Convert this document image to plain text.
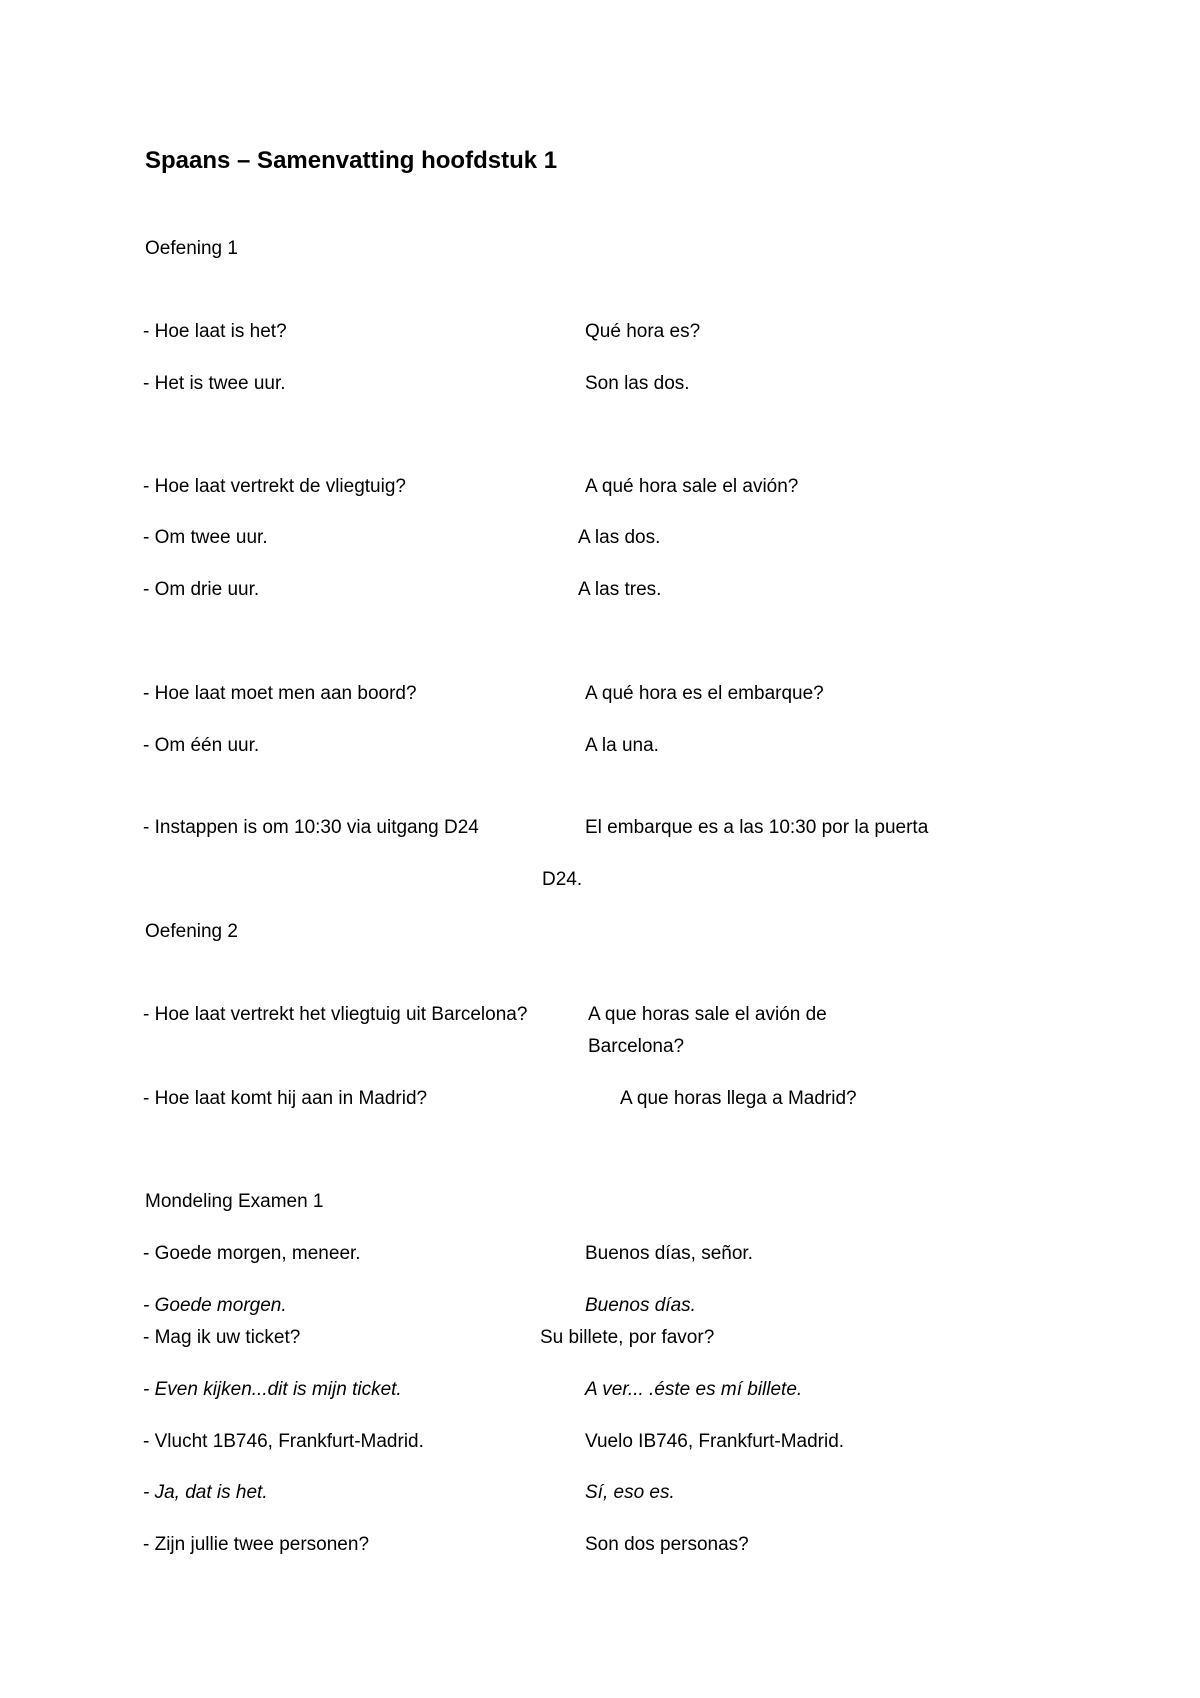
Spaans – Samenvatting hoofdstuk 1
Oefening 1
- Hoe laat is het?	Qué hora es?
- Het is twee uur.	Son las dos.
- Hoe laat vertrekt de vliegtuig?	A qué hora sale el avión?
- Om twee uur.	A las dos.
- Om drie uur.	A las tres.
- Hoe laat moet men aan boord?	A qué hora es el embarque?
- Om één uur.	A la una.
- Instappen is om 10:30 via uitgang D24	El embarque es a las 10:30 por la puerta
D24.
Oefening 2
- Hoe laat vertrekt het vliegtuig uit Barcelona?	A que horas sale el avión de
Barcelona?
- Hoe laat komt hij aan in Madrid?	A que horas llega a Madrid?
Mondeling Examen 1
- Goede morgen, meneer.	Buenos días, señor.
- Goede morgen.	Buenos días.
- Mag ik uw ticket?	Su billete, por favor?
- Even kijken...dit is mijn ticket.	A ver... .éste es mí billete.
- Vlucht 1B746, Frankfurt-Madrid.	Vuelo IB746, Frankfurt-Madrid.
- Ja, dat is het.	Sí, eso es.
- Zijn jullie twee personen?	Son dos personas?
